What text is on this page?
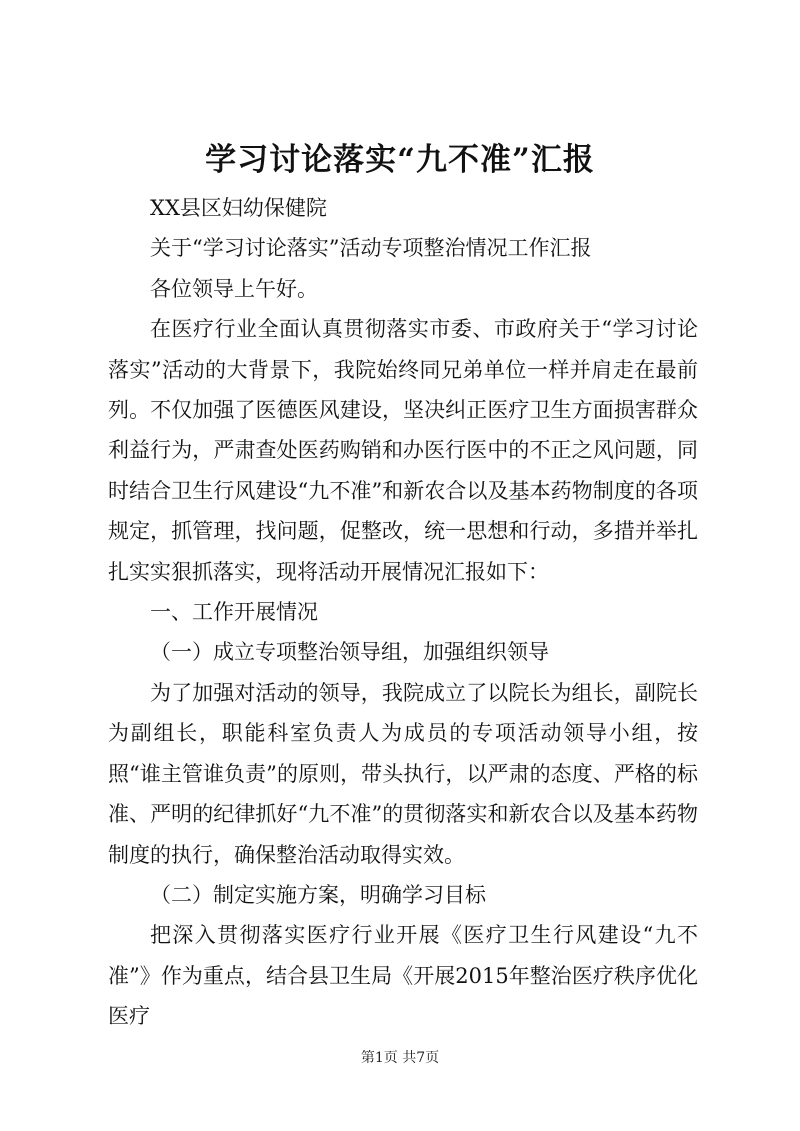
学习讨论落实“九不准”汇报

XX县区妇幼保健院

关于“学习讨论落实”活动专项整治情况工作汇报

各位领导上午好。

在医疗行业全面认真贯彻落实市委、市政府关于“学习讨论落实”活动的大背景下，我院始终同兄弟单位一样并肩走在最前列。不仅加强了医德医风建设，坚决纠正医疗卫生方面损害群众利益行为，严肃查处医药购销和办医行医中的不正之风问题，同时结合卫生行风建设“九不准”和新农合以及基本药物制度的各项规定，抓管理，找问题，促整改，统一思想和行动，多措并举扎扎实实狠抓落实，现将活动开展情况汇报如下：

一、工作开展情况

（一）成立专项整治领导组，加强组织领导

为了加强对活动的领导，我院成立了以院长为组长，副院长为副组长，职能科室负责人为成员的专项活动领导小组，按照“谁主管谁负责”的原则，带头执行，以严肃的态度、严格的标准、严明的纪律抓好“九不准”的贯彻落实和新农合以及基本药物制度的执行，确保整治活动取得实效。

（二）制定实施方案，明确学习目标

把深入贯彻落实医疗行业开展《医疗卫生行风建设“九不准”》作为重点，结合县卫生局《开展2015年整治医疗秩序优化医疗

第1页 共7页
